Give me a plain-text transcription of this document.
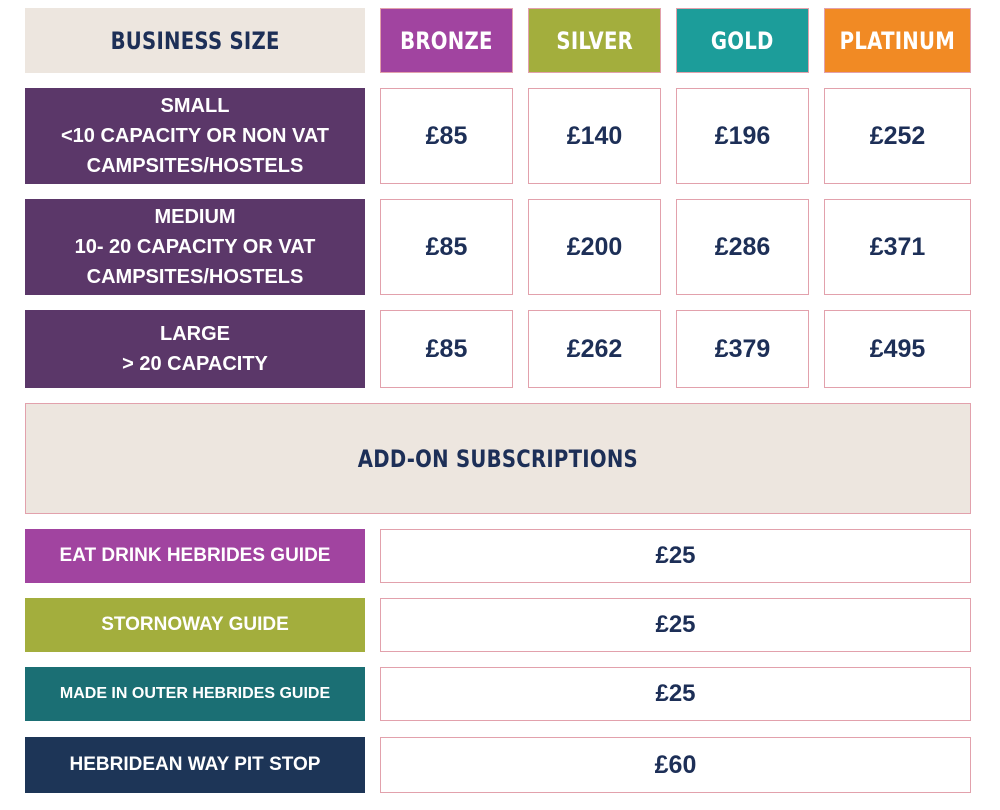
BUSINESS SIZE	BRONZE	SILVER	GOLD	PLATINUM
SMALL
<10 CAPACITY OR NON VAT
CAMPSITES/HOSTELS
£85	£140	£196	£252
MEDIUM
10- 20 CAPACITY OR VAT
CAMPSITES/HOSTELS
£85	£200	£286	£371
LARGE
> 20 CAPACITY
£85	£262	£379	£495
ADD-ON SUBSCRIPTIONS
EAT DRINK HEBRIDES GUIDE	£25
STORNOWAY GUIDE	£25
MADE IN OUTER HEBRIDES GUIDE	£25
HEBRIDEAN WAY PIT STOP	£60
